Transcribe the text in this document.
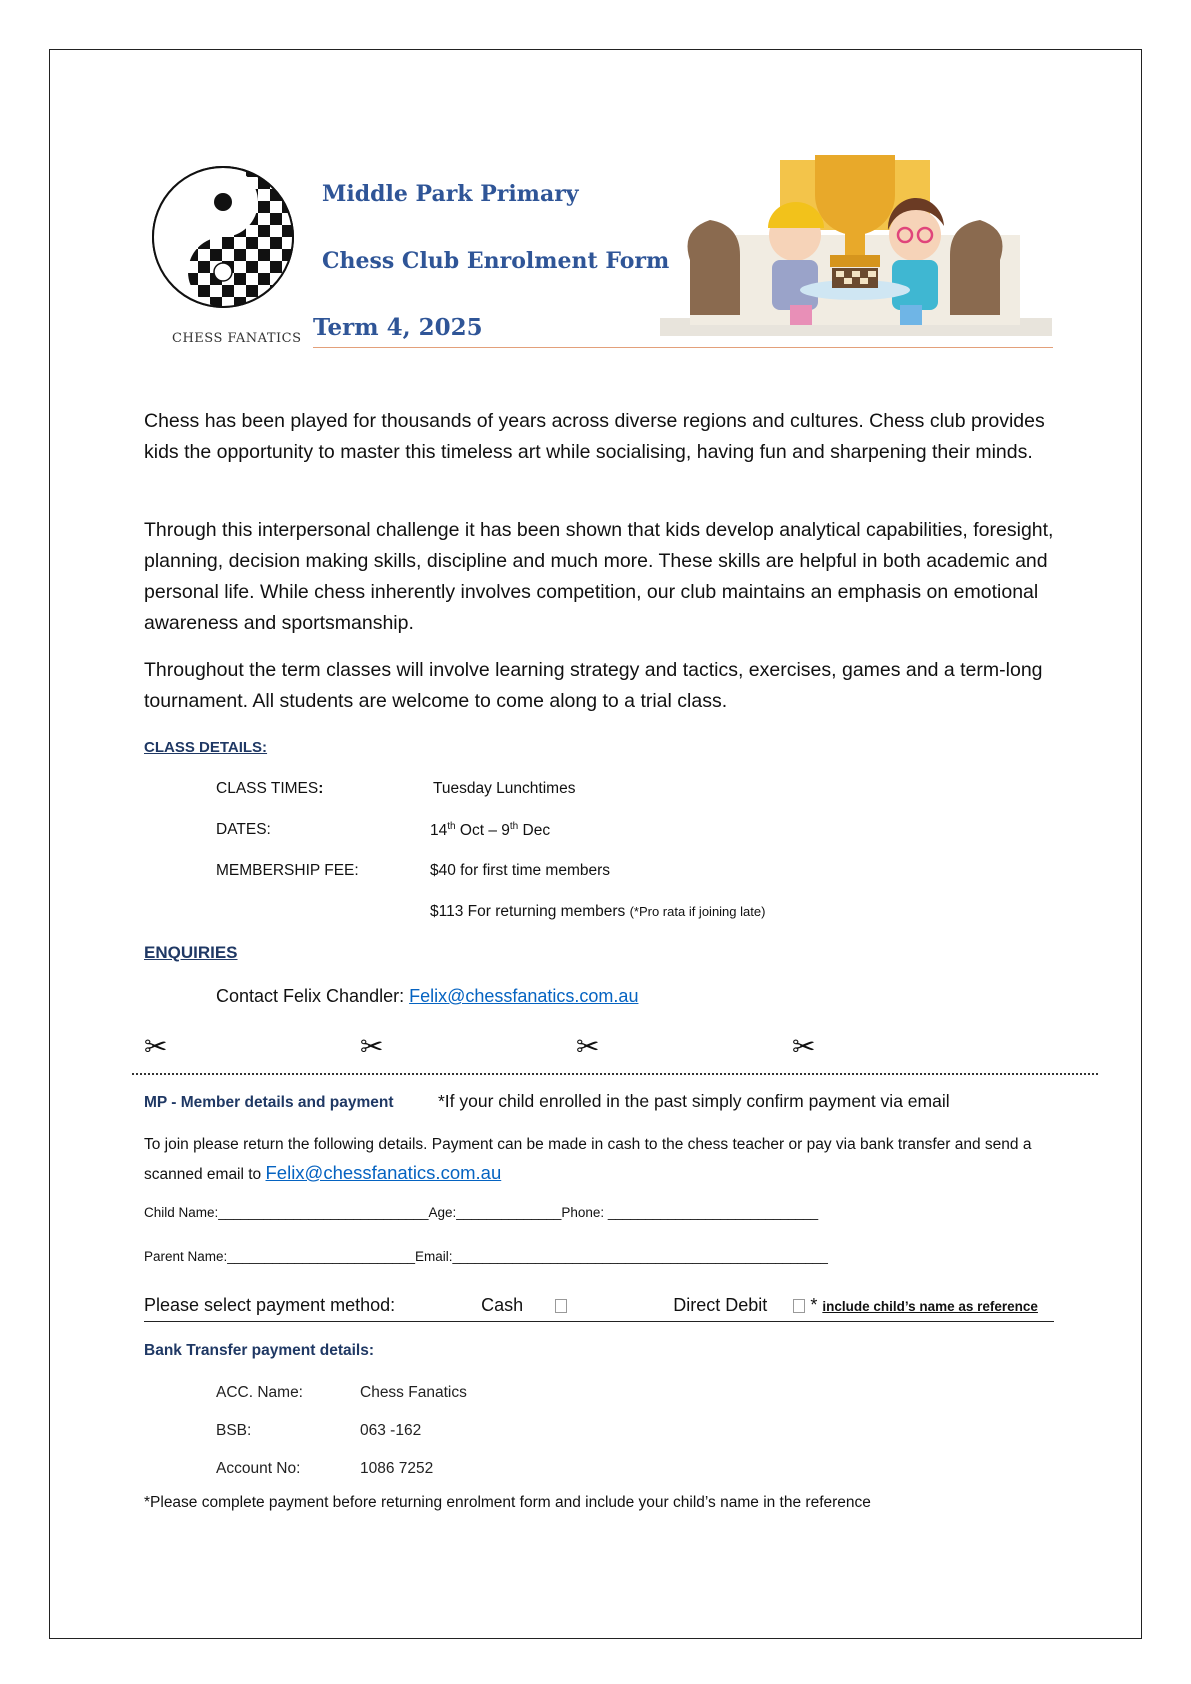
CHESS FANATICS
Middle Park Primary
Chess Club Enrolment Form
Term 4, 2025
Chess has been played for thousands of years across diverse regions and cultures. Chess club provides kids the opportunity to master this timeless art while socialising, having fun and sharpening their minds.
Through this interpersonal challenge it has been shown that kids develop analytical capabilities, foresight, planning, decision making skills, discipline and much more. These skills are helpful in both academic and personal life. While chess inherently involves competition, our club maintains an emphasis on emotional awareness and sportsmanship.
Throughout the term classes will involve learning strategy and tactics, exercises, games and a term-long tournament. All students are welcome to come along to a trial class.
CLASS DETAILS:
CLASS TIMES:	Tuesday Lunchtimes
DATES:	14th Oct – 9th Dec
MEMBERSHIP FEE:	$40 for first time members
$113 For returning members (*Pro rata if joining late)
ENQUIRIES
Contact Felix Chandler: Felix@chessfanatics.com.au
✂	✂	✂	✂
MP - Member details and payment	*If your child enrolled in the past simply confirm payment via email
To join please return the following details. Payment can be made in cash to the chess teacher or pay via bank transfer and send a scanned email to Felix@chessfanatics.com.au
Child Name:____________________________Age:______________Phone: ____________________________
Parent Name:_________________________Email:__________________________________________________
Please select payment method:	Cash	Direct Debit   * include child’s name as reference
Bank Transfer payment details:
ACC. Name:	Chess Fanatics
BSB:	063 -162
Account No:	1086 7252
*Please complete payment before returning enrolment form and include your child’s name in the reference
